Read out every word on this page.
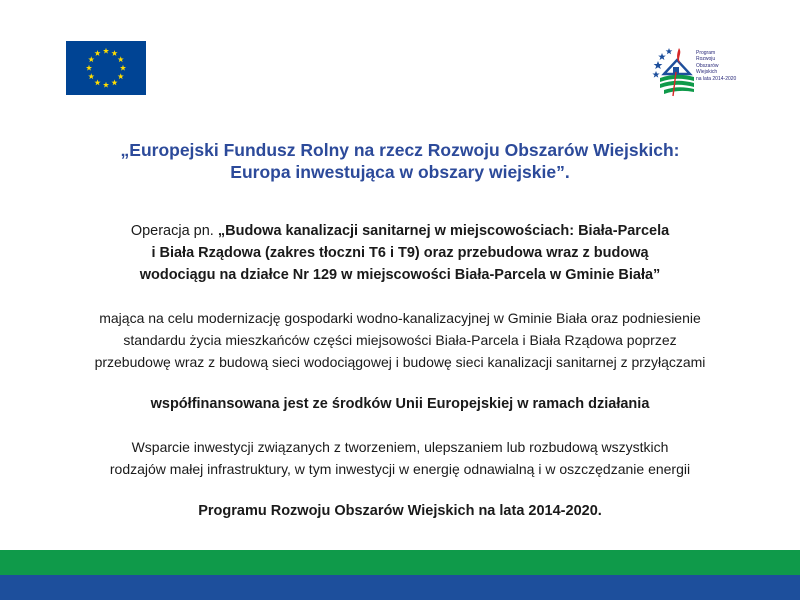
Program
Rozwoju
Obszarów
Wiejskich
na lata 2014-2020
„Europejski Fundusz Rolny na rzecz Rozwoju Obszarów Wiejskich:
Europa inwestująca w obszary wiejskie”.
Operacja pn. „Budowa kanalizacji sanitarnej w miejscowościach: Biała-Parcela
i Biała Rządowa (zakres tłoczni T6 i T9) oraz przebudowa wraz z budową
wodociągu na działce Nr 129 w miejscowości Biała-Parcela w Gminie Biała”
mająca na celu modernizację gospodarki wodno-kanalizacyjnej w Gminie Biała oraz podniesienie
standardu życia mieszkańców części miejsowości Biała-Parcela i Biała Rządowa poprzez
przebudowę wraz z budową sieci wodociągowej i budowę sieci kanalizacji sanitarnej z przyłączami
współfinansowana jest ze środków Unii Europejskiej w ramach działania
Wsparcie inwestycji związanych z tworzeniem, ulepszaniem lub rozbudową wszystkich
rodzajów małej infrastruktury, w tym inwestycji w energię odnawialną i w oszczędzanie energii
Programu Rozwoju Obszarów Wiejskich na lata 2014-2020.
